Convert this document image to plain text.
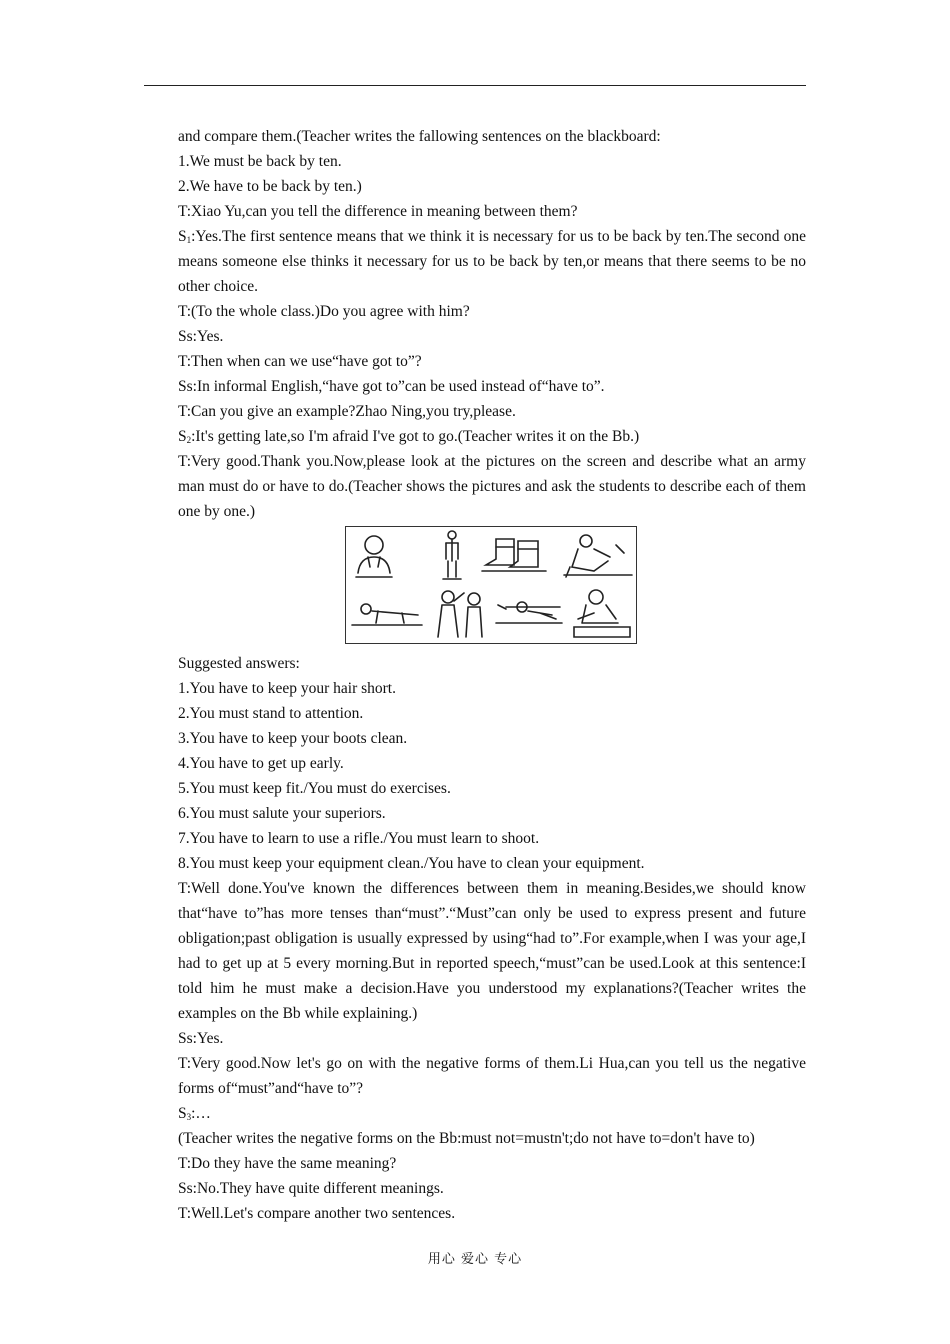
and compare them.(Teacher writes the fallowing sentences on the blackboard:

1.We must be back by ten.

2.We have to be back by ten.)

T:Xiao Yu,can you tell the difference in meaning between them?

$S_1:Yes.The$ first sentence means that we think it is necessary for us to be back by ten.The second one means someone else thinks it necessary for us to be back by ten,or means that there seems to be no other choice.

T:(To the whole class.)Do you agree with him?

Ss:Yes.

T:Then when can we use“have got to”?

Ss:In informal English,“have got to”can be used instead of“have to”.

T:Can you give an example?Zhao Ning,you try,please.

$S_2:It's$ getting late,so I'm afraid I've got to go.(Teacher writes it on the Bb.)

T:Very good.Thank you.Now,please look at the pictures on the screen and describe what an army man must do or have to do.(Teacher shows the pictures and ask the students to describe each of them one by one.)

Suggested answers:

1.You have to keep your hair short.

2.You must stand to attention.

3.You have to keep your boots clean.

4.You have to get up early.

5.You must keep fit./You must do exercises.

6.You must salute your superiors.

7.You have to learn to use a rifle./You must learn to shoot.

8.You must keep your equipment clean./You have to clean your equipment.

T:Well done.You've known the differences between them in meaning.Besides,we should know that“have to”has more tenses than“must”.“Must”can only be used to express present and future obligation;past obligation is usually expressed by using“had to”.For example,when I was your age,I had to get up at 5 every morning.But in reported speech,“must”can be used.Look at this sentence:I told him he must make a decision.Have you understood my explanations?(Teacher writes the examples on the Bb while explaining.)

Ss:Yes.

T:Very good.Now let's go on with the negative forms of them.Li Hua,can you tell us the negative forms of“must”and“have to”?

$S_3:\dots$

(Teacher writes the negative forms on the Bb:must not=mustn't;do not have to=don't have to)

T:Do they have the same meaning?

Ss:No.They have quite different meanings.

T:Well.Let's compare another two sentences.

用心 爱心 专心
